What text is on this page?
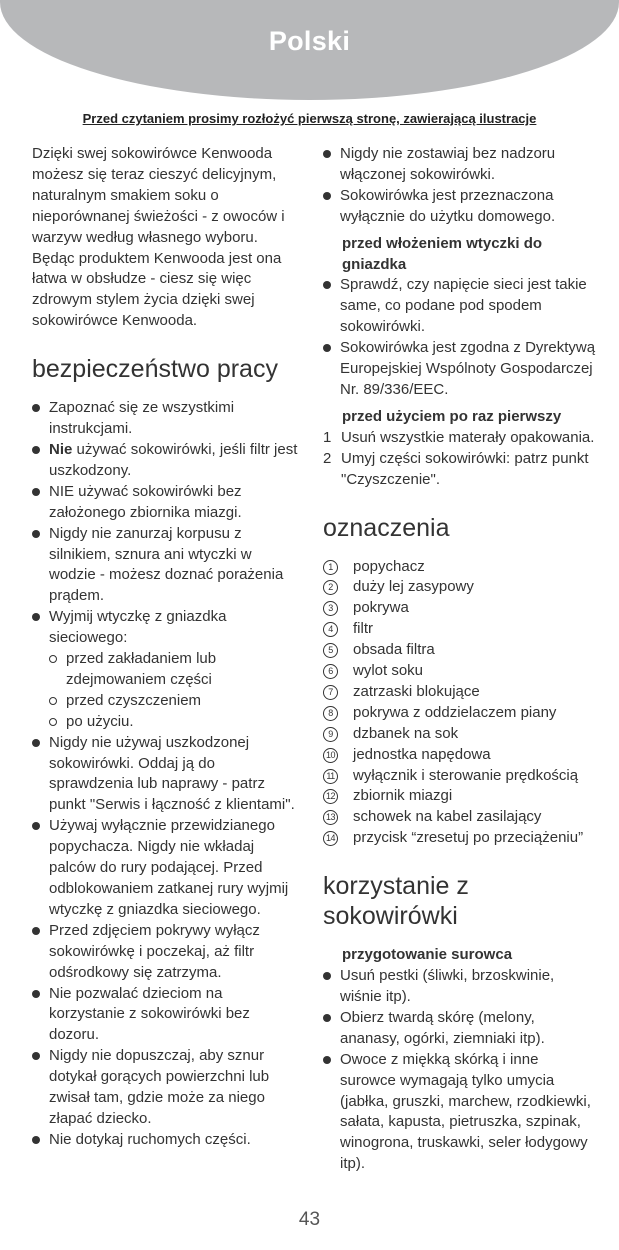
Polski
Przed czytaniem prosimy rozłożyć pierwszą stronę, zawierającą ilustracje

Dzięki swej sokowirówce Kenwooda możesz się teraz cieszyć delicyjnym, naturalnym smakiem soku o nieporównanej świeżości - z owoców i warzyw według własnego wyboru. Będąc produktem Kenwooda jest ona łatwa w obsłudze - ciesz się więc zdrowym stylem życia dzięki swej sokowirówce Kenwooda.

bezpieczeństwo pracy
Zapoznać się ze wszystkimi instrukcjami.
Nie używać sokowirówki, jeśli filtr jest uszkodzony.
NIE używać sokowirówki bez założonego zbiornika miazgi.
Nigdy nie zanurzaj korpusu z silnikiem, sznura ani wtyczki w wodzie - możesz doznać porażenia prądem.
Wyjmij wtyczkę z gniazdka sieciowego:
przed zakładaniem lub zdejmowaniem części
przed czyszczeniem
po użyciu.
Nigdy nie używaj uszkodzonej sokowirówki. Oddaj ją do sprawdzenia lub naprawy - patrz punkt "Serwis i łączność z klientami".
Używaj wyłącznie przewidzianego popychacza. Nigdy nie wkładaj palców do rury podającej. Przed odblokowaniem zatkanej rury wyjmij wtyczkę z gniazdka sieciowego.
Przed zdjęciem pokrywy wyłącz sokowirówkę i poczekaj, aż filtr odśrodkowy się zatrzyma.
Nie pozwalać dzieciom na korzystanie z sokowirówki bez dozoru.
Nigdy nie dopuszczaj, aby sznur dotykał gorących powierzchni lub zwisał tam, gdzie może za niego złapać dziecko.
Nie dotykaj ruchomych części.
Nigdy nie zostawiaj bez nadzoru włączonej sokowirówki.
Sokowirówka jest przeznaczona wyłącznie do użytku domowego.
przed włożeniem wtyczki do gniazdka
Sprawdź, czy napięcie sieci jest takie same, co podane pod spodem sokowirówki.
Sokowirówka jest zgodna z Dyrektywą Europejskiej Wspólnoty Gospodarczej Nr. 89/336/EEC.
przed użyciem po raz pierwszy
1 Usuń wszystkie materały opakowania.
2 Umyj części sokowirówki: patrz punkt "Czyszczenie".
oznaczenia
1	popychacz
2	duży lej zasypowy
3	pokrywa
4	filtr
5	obsada filtra
6	wylot soku
7	zatrzaski blokujące
8	pokrywa z oddzielaczem piany
9	dzbanek na sok
10 jednostka napędowa
11 wyłącznik i sterowanie prędkością
12 zbiornik miazgi
13 schowek na kabel zasilający
14 przycisk “zresetuj po przeciążeniu”
korzystanie z sokowirówki
przygotowanie surowca
Usuń pestki (śliwki, brzoskwinie, wiśnie itp).
Obierz twardą skórę (melony, ananasy, ogórki, ziemniaki itp).
Owoce z miękką skórką i inne surowce wymagają tylko umycia (jabłka, gruszki, marchew, rzodkiewki, sałata, kapusta, pietruszka, szpinak, winogrona, truskawki, seler łodygowy itp).
43
